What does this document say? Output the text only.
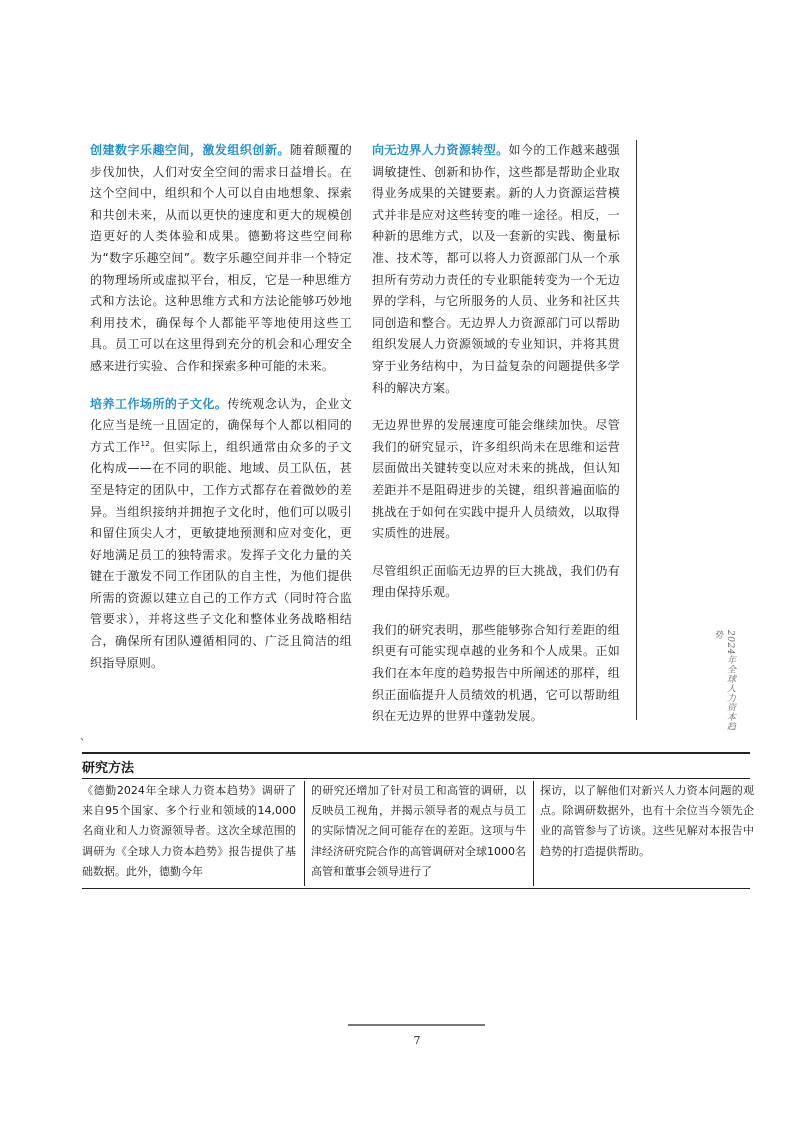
创建数字乐趣空间，激发组织创新。随着颠覆的步伐加快，人们对安全空间的需求日益增长。在这个空间中，组织和个人可以自由地想象、探索和共创未来，从而以更快的速度和更大的规模创造更好的人类体验和成果。德勤将这些空间称为“数字乐趣空间”。数字乐趣空间并非一个特定的物理场所或虚拟平台，相反，它是一种思维方式和方法论。这种思维方式和方法论能够巧妙地利用技术，确保每个人都能平等地使用这些工具。员工可以在这里得到充分的机会和心理安全感来进行实验、合作和探索多种可能的未来。

培养工作场所的子文化。传统观念认为，企业文化应当是统一且固定的，确保每个人都以相同的方式工作$^{12}$。但实际上，组织通常由众多的子文化构成——在不同的职能、地域、员工队伍，甚至是特定的团队中，工作方式都存在着微妙的差异。当组织接纳并拥抱子文化时，他们可以吸引和留住顶尖人才，更敏捷地预测和应对变化，更好地满足员工的独特需求。发挥子文化力量的关键在于激发不同工作团队的自主性，为他们提供所需的资源以建立自己的工作方式（同时符合监管要求），并将这些子文化和整体业务战略相结合，确保所有团队遵循相同的、广泛且简洁的组织指导原则。

向无边界人力资源转型。如今的工作越来越强调敏捷性、创新和协作，这些都是帮助企业取得业务成果的关键要素。新的人力资源运营模式并非是应对这些转变的唯一途径。相反，一种新的思维方式，以及一套新的实践、衡量标准、技术等，都可以将人力资源部门从一个承担所有劳动力责任的专业职能转变为一个无边界的学科，与它所服务的人员、业务和社区共同创造和整合。无边界人力资源部门可以帮助组织发展人力资源领域的专业知识，并将其贯穿于业务结构中，为日益复杂的问题提供多学科的解决方案。

无边界世界的发展速度可能会继续加快。尽管我们的研究显示，许多组织尚未在思维和运营层面做出关键转变以应对未来的挑战，但认知差距并不是阻碍进步的关键，组织普遍面临的挑战在于如何在实践中提升人员绩效，以取得实质性的进展。

尽管组织正面临无边界的巨大挑战，我们仍有理由保持乐观。

我们的研究表明，那些能够弥合知行差距的组织更有可能实现卓越的业务和个人成果。正如我们在本年度的趋势报告中所阐述的那样，组织正面临提升人员绩效的机遇，它可以帮助组织在无边界的世界中蓬勃发展。	2024年全球人力资本趋势
、
研究方法
《德勤2024年全球人力资本趋势》调研了来自95个国家、多个行业和领域的14,000名商业和人力资源领导者。这次全球范围的调研为《全球人力资本趋势》报告提供了基础数据。此外，德勤今年
的研究还增加了针对员工和高管的调研，以反映员工视角，并揭示领导者的观点与员工的实际情况之间可能存在的差距。这项与牛津经济研究院合作的高管调研对全球1000名高管和董事会领导进行了
探访，以了解他们对新兴人力资本问题的观点。除调研数据外，也有十余位当今领先企业的高管参与了访谈。这些见解对本报告中趋势的打造提供帮助。
7
